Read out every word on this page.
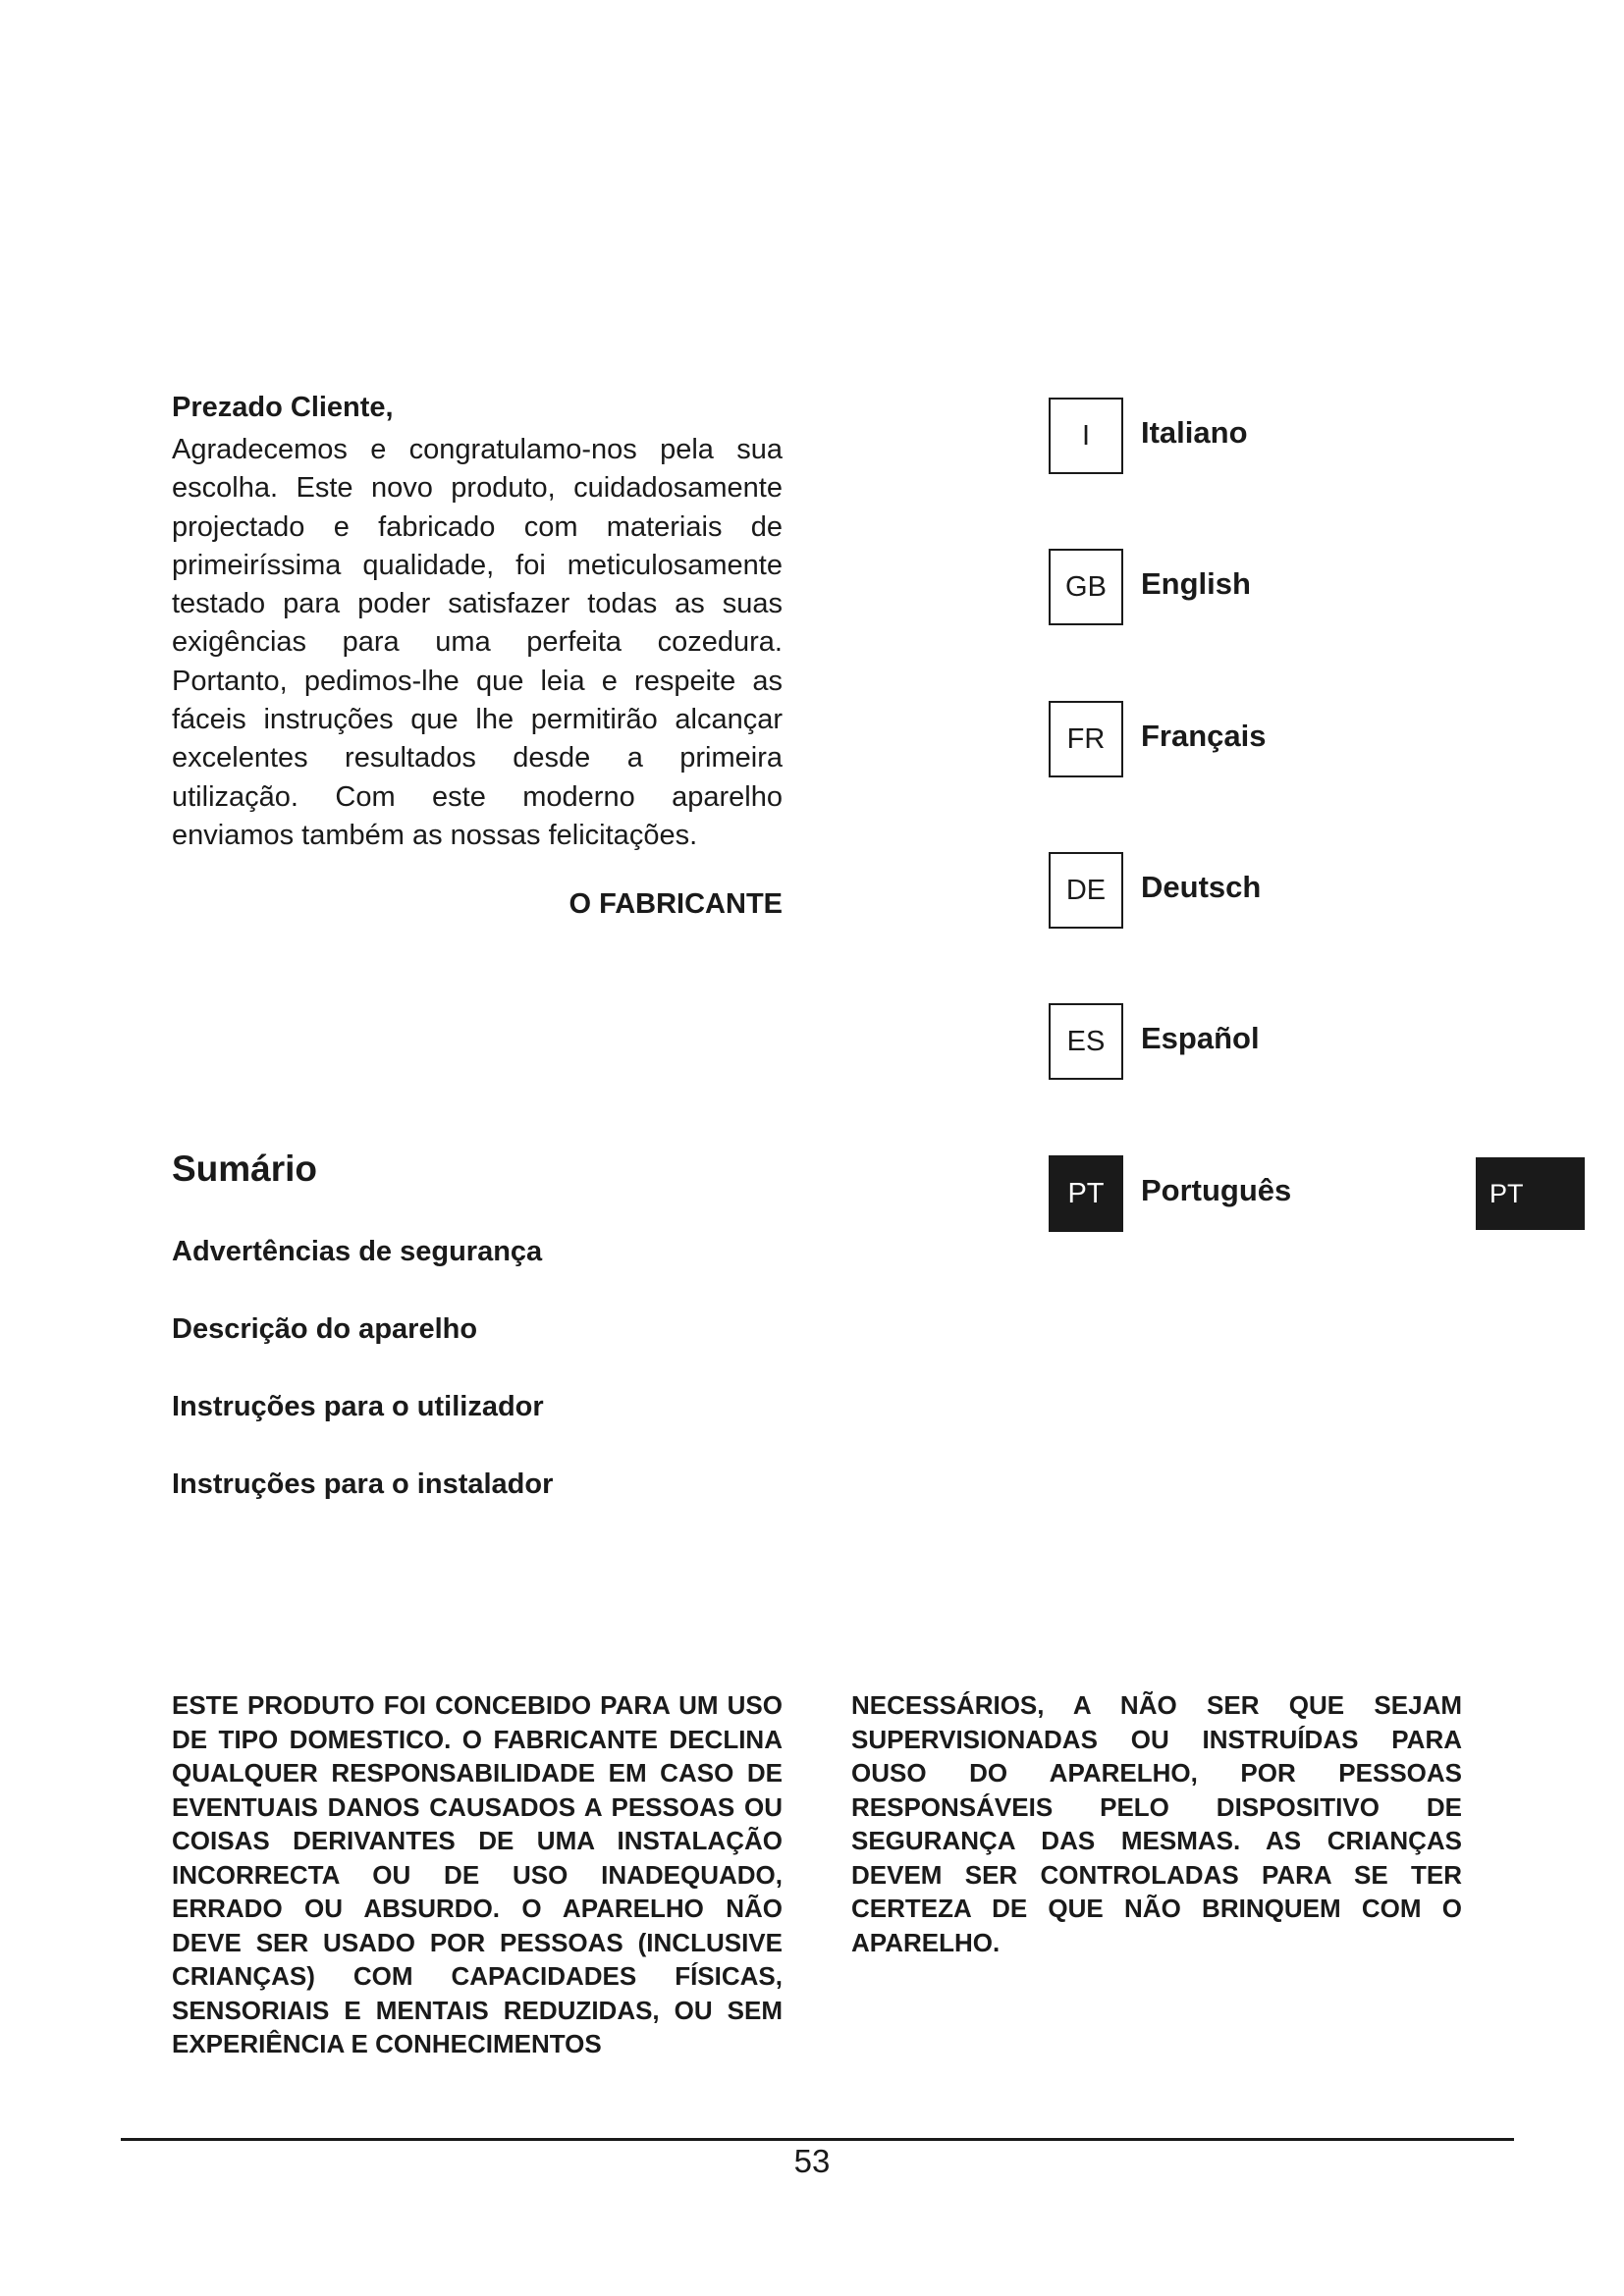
Prezado Cliente,

Agradecemos e congratulamo-nos pela sua escolha. Este novo produto, cuidadosamente projectado e fabricado com materiais de primeiríssima qualidade, foi meticulosamente testado para poder satisfazer todas as suas exigências para uma perfeita cozedura. Portanto, pedimos-lhe que leia e respeite as fáceis instruções que lhe permitirão alcançar excelentes resultados desde a primeira utilização. Com este moderno aparelho enviamos também as nossas felicitações.

O FABRICANTE
Sumário
Advertências de segurança
Descrição do aparelho
Instruções para o utilizador
Instruções para o instalador
I	Italiano
GB	English
FR	Français
DE	Deutsch
ES	Español
PT	Português	PT

ESTE PRODUTO FOI CONCEBIDO PARA UM USO DE TIPO DOMESTICO. O FABRICANTE DECLINA QUALQUER RESPONSABILIDADE EM CASO DE EVENTUAIS DANOS CAUSADOS A PESSOAS OU COISAS DERIVANTES DE UMA INSTALAÇÃO INCORRECTA OU DE USO INADEQUADO, ERRADO OU ABSURDO. O APARELHO NÃO DEVE SER USADO POR PESSOAS (INCLUSIVE CRIANÇAS) COM CAPACIDADES FÍSICAS, SENSORIAIS E MENTAIS REDUZIDAS, OU SEM EXPERIÊNCIA E CONHECIMENTOS

NECESSÁRIOS, A NÃO SER QUE SEJAM SUPERVISIONADAS OU INSTRUÍDAS PARA OUSO DO APARELHO, POR PESSOAS RESPONSÁVEIS PELO DISPOSITIVO DE SEGURANÇA DAS MESMAS. AS CRIANÇAS DEVEM SER CONTROLADAS PARA SE TER CERTEZA DE QUE NÃO BRINQUEM COM O APARELHO.

53
